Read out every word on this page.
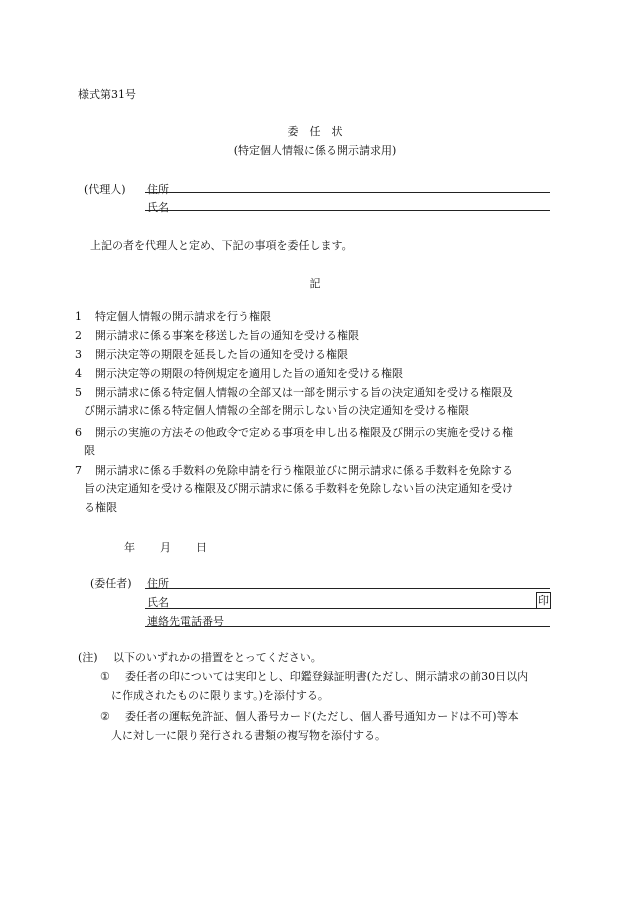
様式第31号
委　任　状
(特定個人情報に係る開示請求用)
(代理人) 住所
氏名
上記の者を代理人と定め、下記の事項を委任します。
記
1 特定個人情報の開示請求を行う権限
2 開示請求に係る事案を移送した旨の通知を受ける権限
3 開示決定等の期限を延長した旨の通知を受ける権限
4 開示決定等の期限の特例規定を適用した旨の通知を受ける権限
5 開示請求に係る特定個人情報の全部又は一部を開示する旨の決定通知を受ける権限及
び開示請求に係る特定個人情報の全部を開示しない旨の決定通知を受ける権限
6 開示の実施の方法その他政令で定める事項を申し出る権限及び開示の実施を受ける権
限
7 開示請求に係る手数料の免除申請を行う権限並びに開示請求に係る手数料を免除する
旨の決定通知を受ける権限及び開示請求に係る手数料を免除しない旨の決定通知を受け
る権限
年 月 日
(委任者) 住所
氏名	印
連絡先電話番号
(注) 以下のいずれかの措置をとってください。
① 委任者の印については実印とし、印鑑登録証明書(ただし、開示請求の前30日以内
に作成されたものに限ります。)を添付する。
② 委任者の運転免許証、個人番号カード(ただし、個人番号通知カードは不可)等本
人に対し一に限り発行される書類の複写物を添付する。
